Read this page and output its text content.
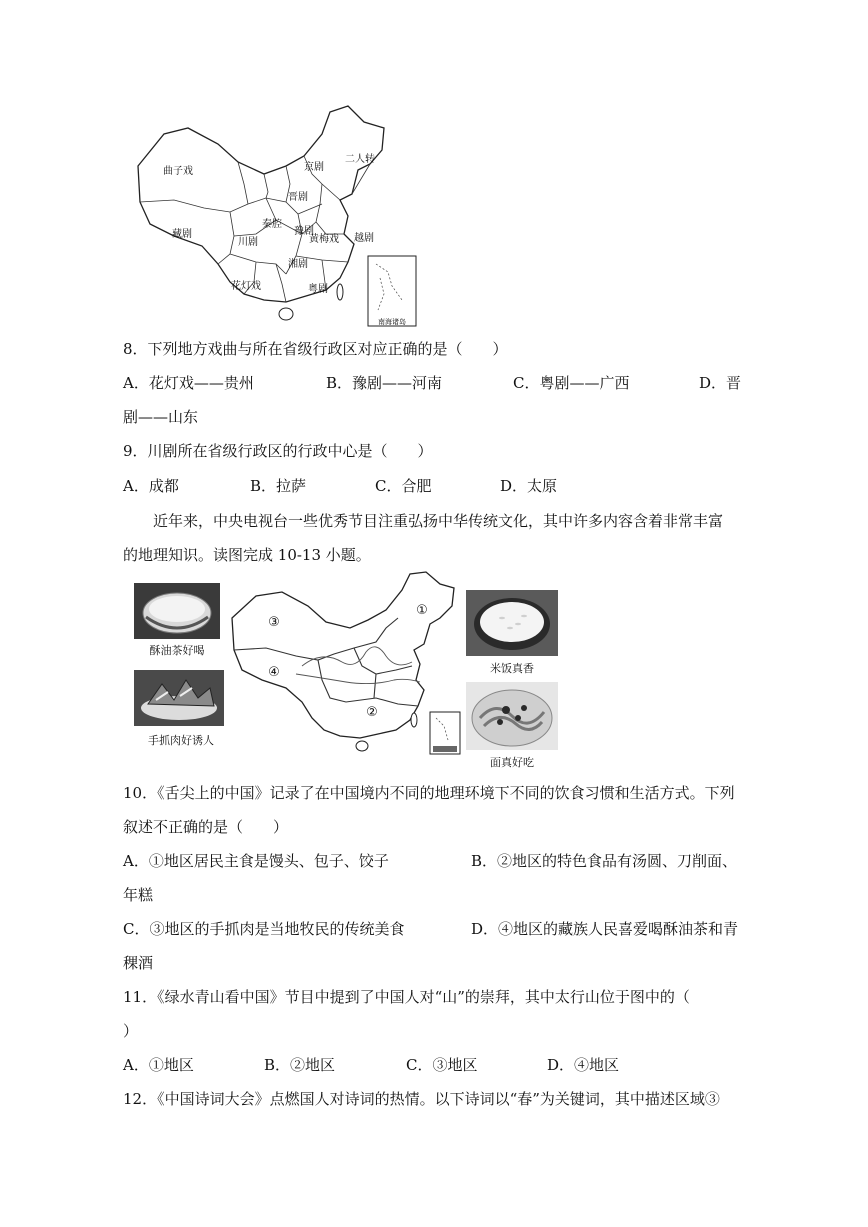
曲子戏
藏剧
二人转
京剧
晋剧
秦腔
川剧
豫剧
黄梅戏 越剧
湘剧
粤剧
花灯戏
南海诸岛
8．下列地方戏曲与所在省级行政区对应正确的是（　　）
A．花灯戏——贵州	B．豫剧——河南	C．粤剧——广西	D．晋
剧——山东
9．川剧所在省级行政区的行政中心是（　　）
A．成都	B．拉萨	C．合肥	D．太原
近年来，中央电视台一些优秀节目注重弘扬中华传统文化，其中许多内容含着非常丰富
的地理知识。读图完成 10-13 小题。
酥油茶好喝
手抓肉好诱人
①
②
③
④	米饭真香
面真好吃
10．《舌尖上的中国》记录了在中国境内不同的地理环境下不同的饮食习惯和生活方式。下列
叙述不正确的是（　　）
A．①地区居民主食是馒头、包子、饺子	B．②地区的特色食品有汤圆、刀削面、
年糕
C．③地区的手抓肉是当地牧民的传统美食	D．④地区的藏族人民喜爱喝酥油茶和青
稞酒
11．《绿水青山看中国》节目中提到了中国人对“山”的崇拜，其中太行山位于图中的（
）
A．①地区	B．②地区	C．③地区	D．④地区
12．《中国诗词大会》点燃国人对诗词的热情。以下诗词以“春”为关键词，其中描述区域③
